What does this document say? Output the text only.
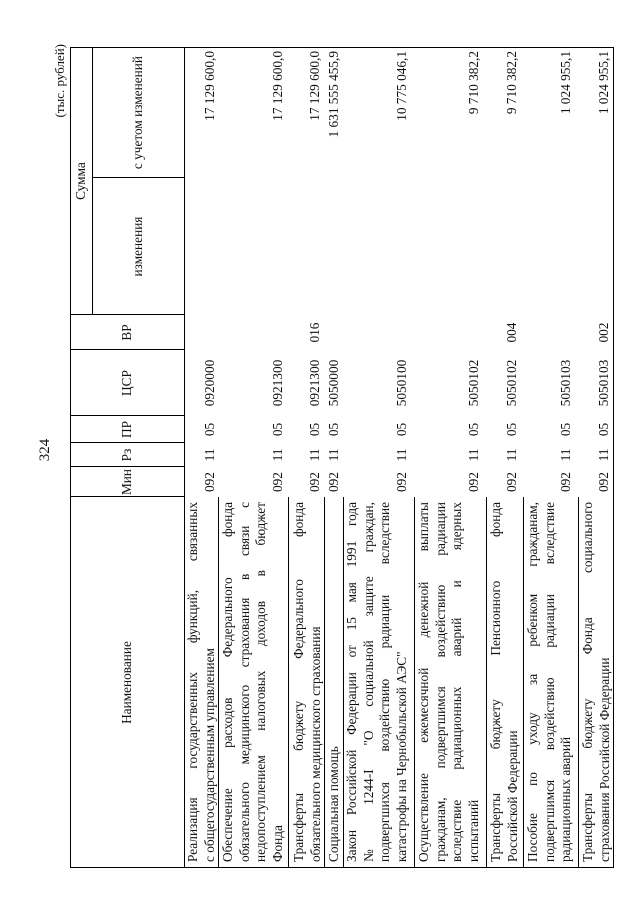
324
(тыс. рублей)
Наименование
Мин
Рз
ПР
ЦСР
ВР
Сумма
изменения
с учетом изменений
Реализация государственных функций, связанных с общегосударственным управлением
092
11
05
0920000
17 129 600,0
Обеспечение расходов Федерального фонда обязательного медицинского страхования в связи с недопоступлением налоговых доходов в бюджет Фонда
092
11
05
0921300
17 129 600,0
Трансферты бюджету Федерального фонда обязательного медицинского страхования
092
11
05
0921300
016
17 129 600,0
Социальная помощь
092
11
05
5050000
1 631 555 455,9
Закон Российской Федерации от 15 мая 1991 года № 1244-I "О социальной защите граждан, подвергшихся воздействию радиации вследствие катастрофы на Чернобыльской АЭС"
092
11
05
5050100
10 775 046,1
Осуществление ежемесячной денежной выплаты гражданам, подвергшимся воздействию радиации вследствие радиационных аварий и ядерных испытаний
092
11
05
5050102
9 710 382,2
Трансферты бюджету Пенсионного фонда Российской Федерации
092
11
05
5050102
004
9 710 382,2
Пособие по уходу за ребенком гражданам, подвергшимся воздействию радиации вследствие радиационных аварий
092
11
05
5050103
1 024 955,1
Трансферты бюджету Фонда социального страхования Российской Федерации
092
11
05
5050103
002
1 024 955,1
